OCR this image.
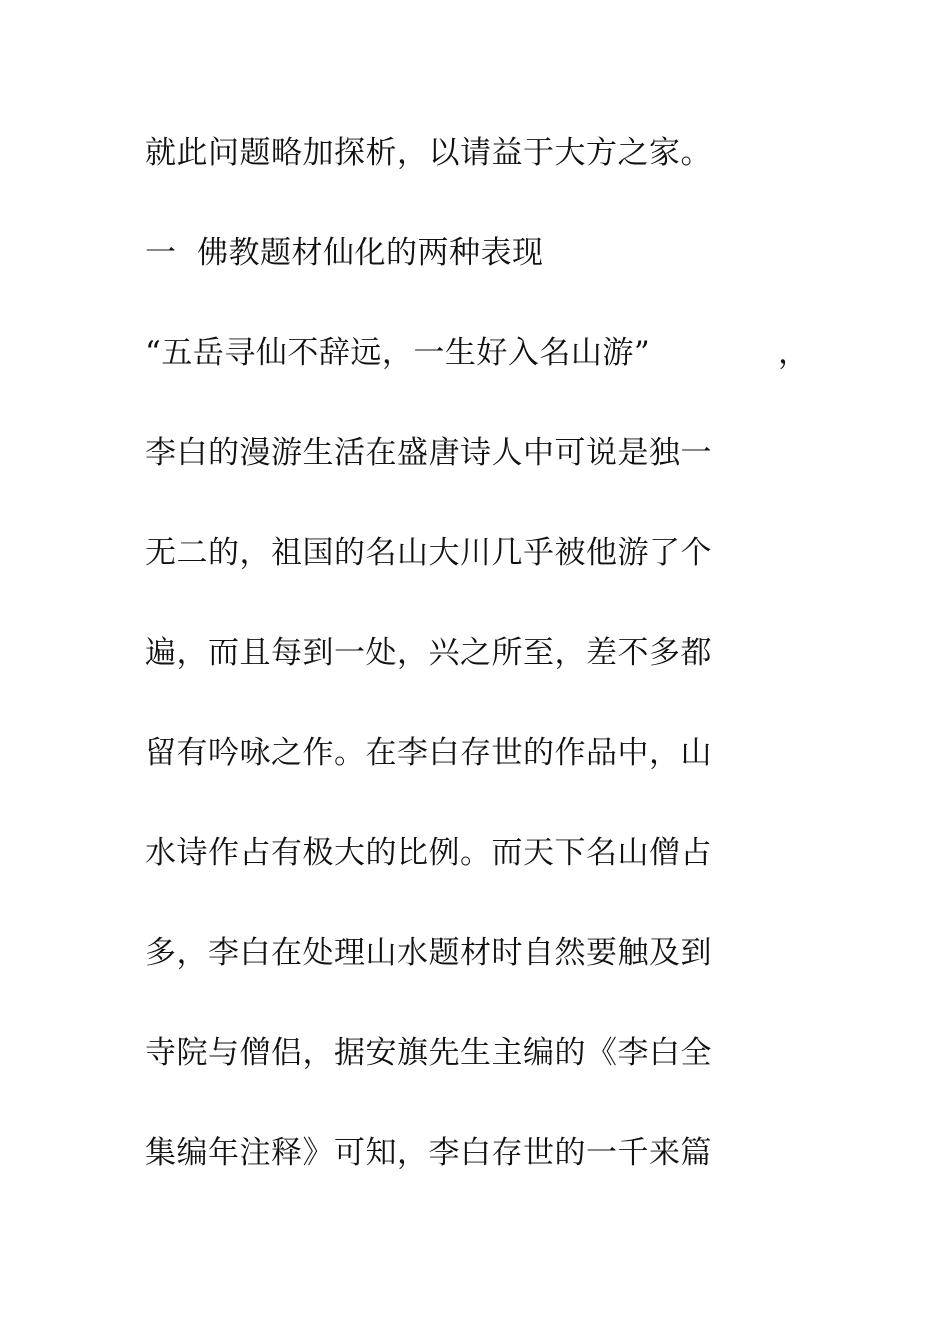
就此问题略加探析，以请益于大方之家。
一 佛教题材仙化的两种表现
“五岳寻仙不辞远，一生好入名山游”	，
李白的漫游生活在盛唐诗人中可说是独一
无二的，祖国的名山大川几乎被他游了个
遍，而且每到一处，兴之所至，差不多都
留有吟咏之作。在李白存世的作品中，山
水诗作占有极大的比例。而天下名山僧占
多，李白在处理山水题材时自然要触及到
寺院与僧侣，据安旗先生主编的《李白全
集编年注释》可知，李白存世的一千来篇
